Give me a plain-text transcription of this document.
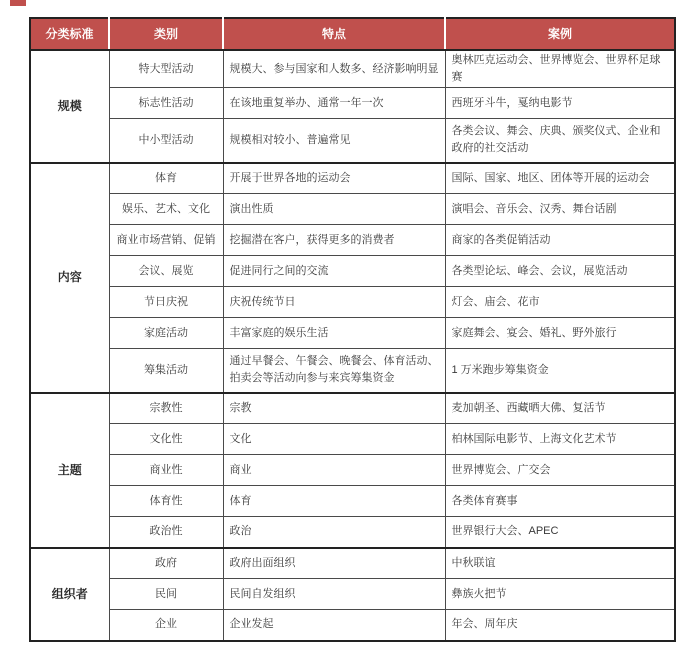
分类标准	类别	特点	案例
规模	特大型活动	规模大、参与国家和人数多、经济影响明显	奥林匹克运动会、世界博览会、世界杯足球赛
	标志性活动	在该地重复举办、通常一年一次	西班牙斗牛，戛纳电影节
	中小型活动	规模相对较小、普遍常见	各类会议、舞会、庆典、颁奖仪式、企业和政府的社交活动
内容	体育	开展于世界各地的运动会	国际、国家、地区、团体等开展的运动会
	娱乐、艺术、文化	演出性质	演唱会、音乐会、汉秀、舞台话剧
	商业市场营销、促销	挖掘潜在客户，获得更多的消费者	商家的各类促销活动
	会议、展览	促进同行之间的交流	各类型论坛、峰会、会议，展览活动
	节日庆祝	庆祝传统节日	灯会、庙会、花市
	家庭活动	丰富家庭的娱乐生活	家庭舞会、宴会、婚礼、野外旅行
	筹集活动	通过早餐会、午餐会、晚餐会、体育活动、拍卖会等活动向参与来宾筹集资金	1 万米跑步筹集资金
主题	宗教性	宗教	麦加朝圣、西藏晒大佛、复活节
	文化性	文化	柏林国际电影节、上海文化艺术节
	商业性	商业	世界博览会、广交会
	体育性	体育	各类体育赛事
	政治性	政治	世界银行大会、APEC
组织者	政府	政府出面组织	中秋联谊
	民间	民间自发组织	彝族火把节
	企业	企业发起	年会、周年庆
